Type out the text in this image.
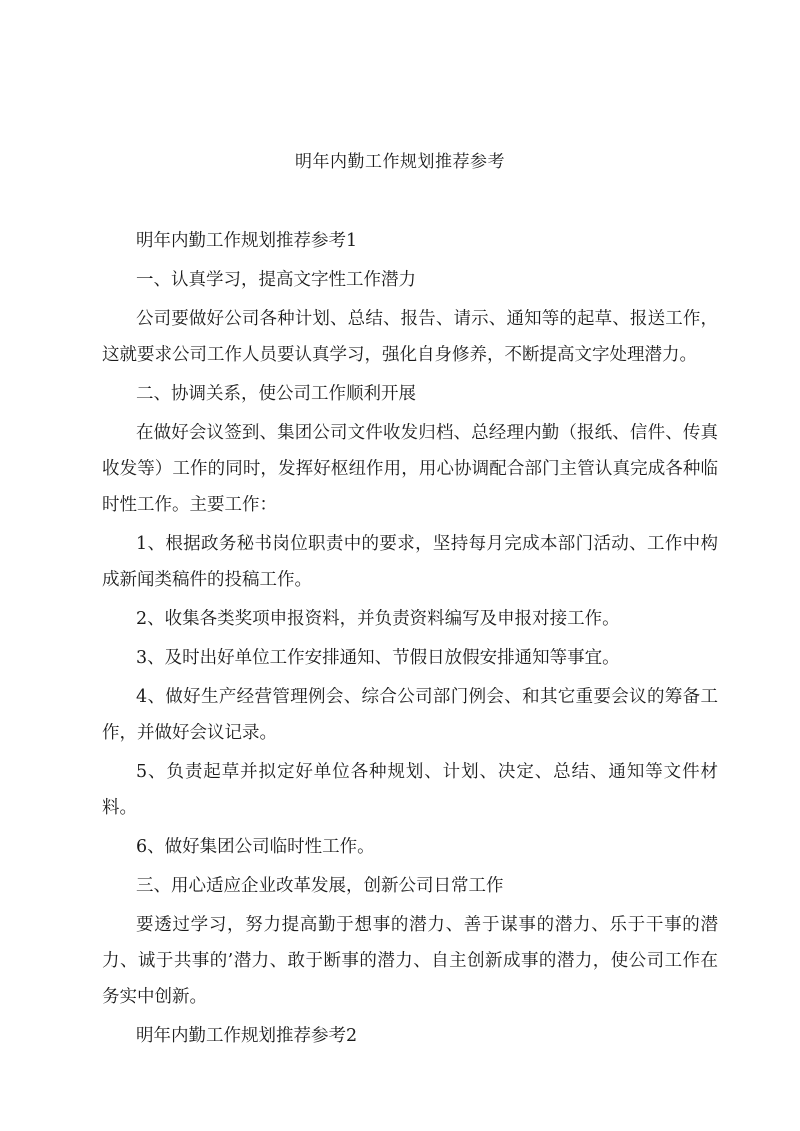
明年内勤工作规划推荐参考

明年内勤工作规划推荐参考1

一、认真学习，提高文字性工作潜力

公司要做好公司各种计划、总结、报告、请示、通知等的起草、报送工作，这就要求公司工作人员要认真学习，强化自身修养，不断提高文字处理潜力。

二、协调关系，使公司工作顺利开展

在做好会议签到、集团公司文件收发归档、总经理内勤（报纸、信件、传真收发等）工作的同时，发挥好枢纽作用，用心协调配合部门主管认真完成各种临时性工作。主要工作：

1、根据政务秘书岗位职责中的要求，坚持每月完成本部门活动、工作中构成新闻类稿件的投稿工作。

2、收集各类奖项申报资料，并负责资料编写及申报对接工作。

3、及时出好单位工作安排通知、节假日放假安排通知等事宜。

4、做好生产经营管理例会、综合公司部门例会、和其它重要会议的筹备工作，并做好会议记录。

5、负责起草并拟定好单位各种规划、计划、决定、总结、通知等文件材料。

6、做好集团公司临时性工作。

三、用心适应企业改革发展，创新公司日常工作

要透过学习，努力提高勤于想事的潜力、善于谋事的潜力、乐于干事的潜力、诚于共事的’潜力、敢于断事的潜力、自主创新成事的潜力，使公司工作在务实中创新。

明年内勤工作规划推荐参考2
